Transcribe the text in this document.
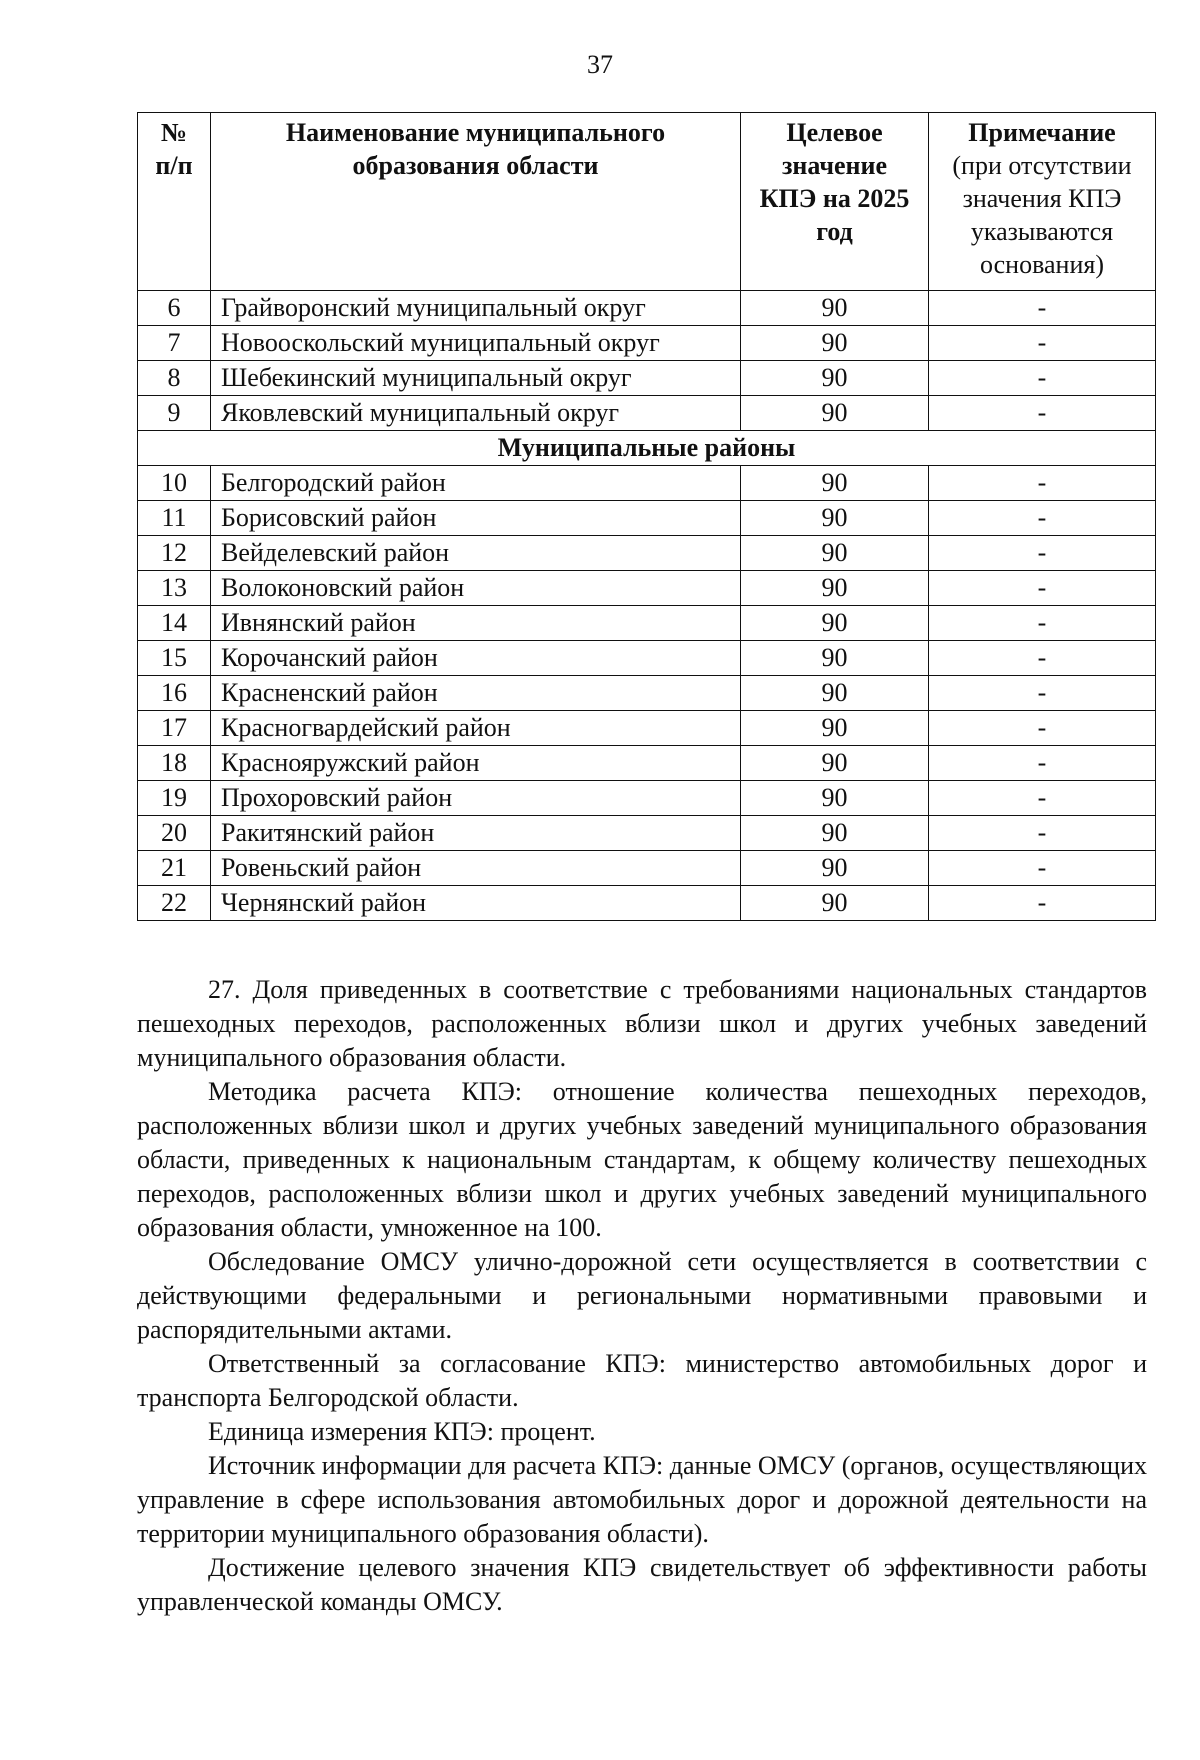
37
№ п/п	Наименование муниципального образования области	Целевое значение КПЭ на 2025 год	Примечание
(при отсутствии значения КПЭ указываются основания)
6	Грайворонский муниципальный округ	90	-
7	Новооскольский муниципальный округ	90	-
8	Шебекинский муниципальный округ	90	-
9	Яковлевский муниципальный округ	90	-
Муниципальные районы			
10	Белгородский район	90	-
11	Борисовский район	90	-
12	Вейделевский район	90	-
13	Волоконовский район	90	-
14	Ивнянский район	90	-
15	Корочанский район	90	-
16	Красненский район	90	-
17	Красногвардейский район	90	-
18	Краснояружский район	90	-
19	Прохоровский район	90	-
20	Ракитянский район	90	-
21	Ровеньский район	90	-
22	Чернянский район	90	-

27. Доля приведенных в соответствие с требованиями национальных стандартов пешеходных переходов, расположенных вблизи школ и других учебных заведений муниципального образования области.

Методика расчета КПЭ: отношение количества пешеходных переходов, расположенных вблизи школ и других учебных заведений муниципального образования области, приведенных к национальным стандартам, к общему количеству пешеходных переходов, расположенных вблизи школ и других учебных заведений муниципального образования области, умноженное на 100.

Обследование ОМСУ улично-дорожной сети осуществляется в соответствии с действующими федеральными и региональными нормативными правовыми и распорядительными актами.

Ответственный за согласование КПЭ: министерство автомобильных дорог и транспорта Белгородской области.

Единица измерения КПЭ: процент.

Источник информации для расчета КПЭ: данные ОМСУ (органов, осуществляющих управление в сфере использования автомобильных дорог и дорожной деятельности на территории муниципального образования области).

Достижение целевого значения КПЭ свидетельствует об эффективности работы управленческой команды ОМСУ.
